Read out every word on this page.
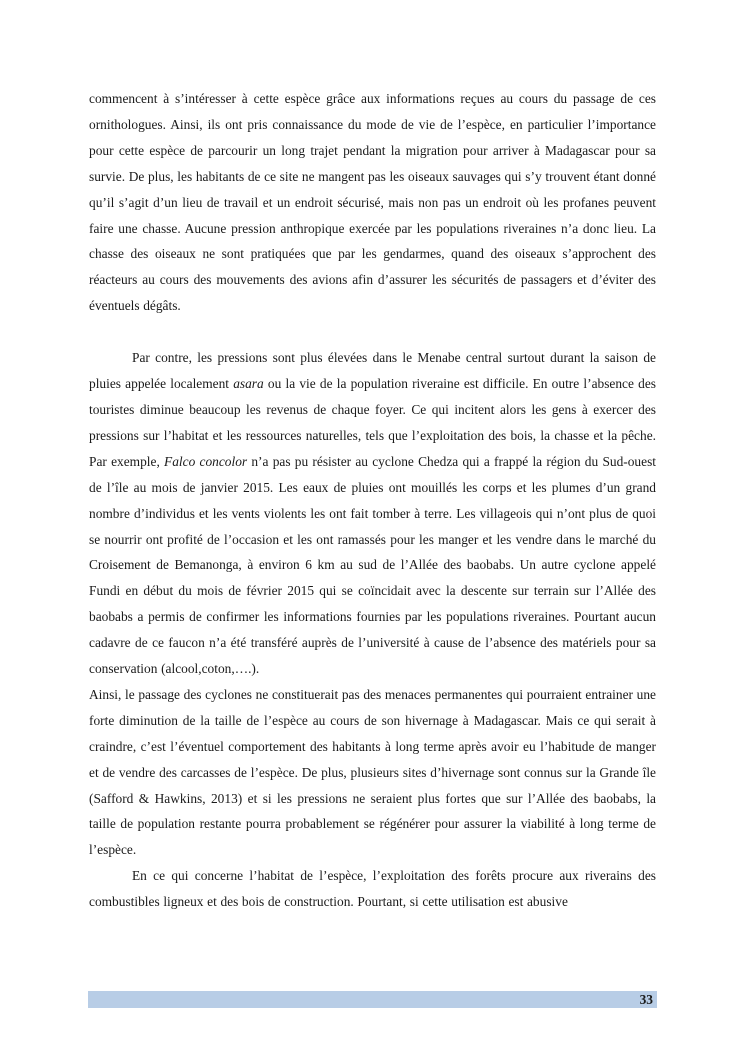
commencent à s’intéresser à cette espèce grâce aux informations reçues au cours du passage de ces ornithologues. Ainsi, ils ont pris connaissance du mode de vie de l’espèce, en particulier l’importance pour cette espèce de parcourir un long trajet pendant la migration pour arriver à Madagascar pour sa survie. De plus, les habitants de ce site ne mangent pas les oiseaux sauvages qui s’y trouvent étant donné qu’il s’agit d’un lieu de travail et un endroit sécurisé, mais non pas un endroit où les profanes peuvent faire une chasse. Aucune pression anthropique exercée par les populations riveraines n’a donc lieu. La chasse des oiseaux ne sont pratiquées que par les gendarmes, quand des oiseaux s’approchent des réacteurs au cours des mouvements des avions afin d’assurer les sécurités de passagers et d’éviter des éventuels dégâts.

Par contre, les pressions sont plus élevées dans le Menabe central surtout durant la saison de pluies appelée localement asara ou la vie de la population riveraine est difficile. En outre l’absence des touristes diminue beaucoup les revenus de chaque foyer. Ce qui incitent alors les gens à exercer des pressions sur l’habitat et les ressources naturelles, tels que l’exploitation des bois, la chasse et la pêche. Par exemple, Falco concolor n’a pas pu résister au cyclone Chedza qui a frappé la région du Sud-ouest de l’île au mois de janvier 2015. Les eaux de pluies ont mouillés les corps et les plumes d’un grand nombre d’individus et les vents violents les ont fait tomber à terre. Les villageois qui n’ont plus de quoi se nourrir ont profité de l’occasion et les ont ramassés pour les manger et les vendre dans le marché du Croisement de Bemanonga, à environ 6 km au sud de l’Allée des baobabs. Un autre cyclone appelé Fundi en début du mois de février 2015 qui se coïncidait avec la descente sur terrain sur l’Allée des baobabs a permis de confirmer les informations fournies par les populations riveraines. Pourtant aucun cadavre de ce faucon n’a été transféré auprès de l’université à cause de l’absence des matériels pour sa conservation (alcool,coton,….).

Ainsi, le passage des cyclones ne constituerait pas des menaces permanentes qui pourraient entrainer une forte diminution de la taille de l’espèce au cours de son hivernage à Madagascar. Mais ce qui serait à craindre, c’est l’éventuel comportement des habitants à long terme après avoir eu l’habitude de manger et de vendre des carcasses de l’espèce. De plus, plusieurs sites d’hivernage sont connus sur la Grande île (Safford & Hawkins, 2013) et si les pressions ne seraient plus fortes que sur l’Allée des baobabs, la taille de population restante pourra probablement se régénérer pour assurer la viabilité à long terme de l’espèce.

En ce qui concerne l’habitat de l’espèce, l’exploitation des forêts procure aux riverains des combustibles ligneux et des bois de construction. Pourtant, si cette utilisation est abusive

33
